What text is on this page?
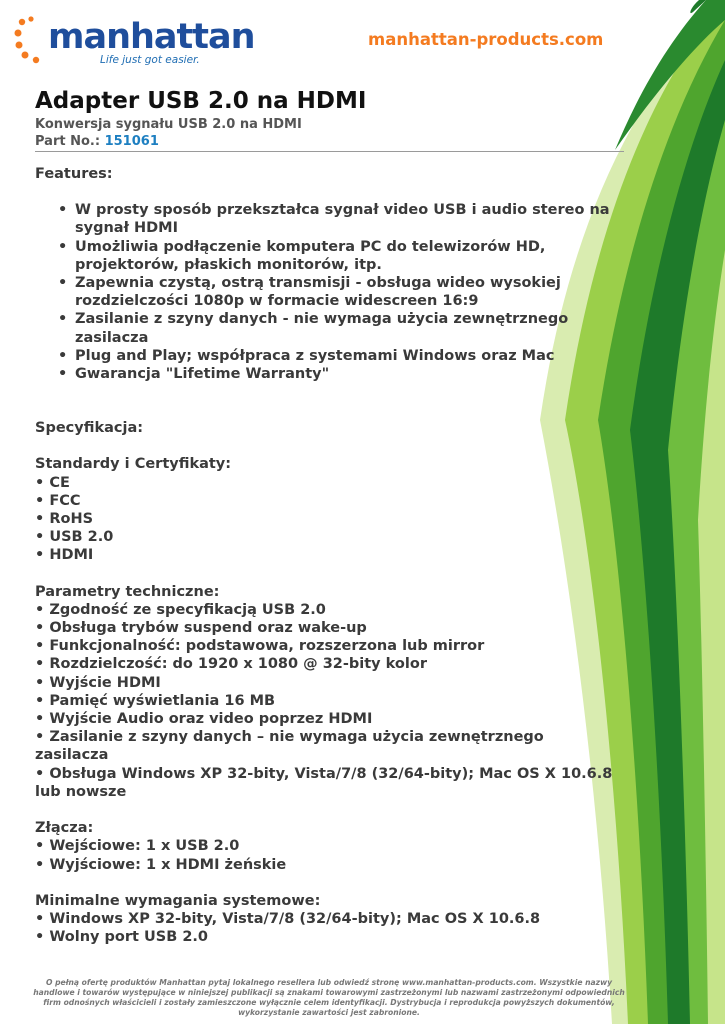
manhattan
Life just got easier.
manhattan-products.com
Adapter USB 2.0 na HDMI
Konwersja sygnału USB 2.0 na HDMI
Part No.: 151061
Features:
• W prosty sposób przekształca sygnał video USB i audio stereo na sygnał HDMI
• Umożliwia podłączenie komputera PC do telewizorów HD, projektorów, płaskich monitorów, itp.
• Zapewnia czystą, ostrą transmisji - obsługa wideo wysokiej rozdzielczości 1080p w formacie widescreen 16:9
• Zasilanie z szyny danych - nie wymaga użycia zewnętrznego zasilacza
• Plug and Play; współpraca z systemami Windows oraz Mac
• Gwarancja "Lifetime Warranty"
Specyfikacja:
Standardy i Certyfikaty:
• CE
• FCC
• RoHS
• USB 2.0
• HDMI
Parametry techniczne:
• Zgodność ze specyfikacją USB 2.0
• Obsługa trybów suspend oraz wake-up
• Funkcjonalność: podstawowa, rozszerzona lub mirror
• Rozdzielczość: do 1920 x 1080 @ 32-bity kolor
• Wyjście HDMI
• Pamięć wyświetlania 16 MB
• Wyjście Audio oraz video poprzez HDMI
• Zasilanie z szyny danych – nie wymaga użycia zewnętrznego zasilacza
• Obsługa Windows XP 32-bity, Vista/7/8 (32/64-bity); Mac OS X 10.6.8 lub nowsze
Złącza:
• Wejściowe: 1 x USB 2.0
• Wyjściowe: 1 x HDMI żeńskie
Minimalne wymagania systemowe:
• Windows XP 32-bity, Vista/7/8 (32/64-bity); Mac OS X 10.6.8
• Wolny port USB 2.0
O pełną ofertę produktów Manhattan pytaj lokalnego resellera lub odwiedź stronę www.manhattan-products.com. Wszystkie nazwy handlowe i towarów występujące w niniejszej publikacji są znakami towarowymi zastrzeżonymi lub nazwami zastrzeżonymi odpowiednich firm odnośnych właścicieli i zostały zamieszczone wyłącznie celem identyfikacji. Dystrybucja i reprodukcja powyższych dokumentów, wykorzystanie zawartości jest zabronione.
